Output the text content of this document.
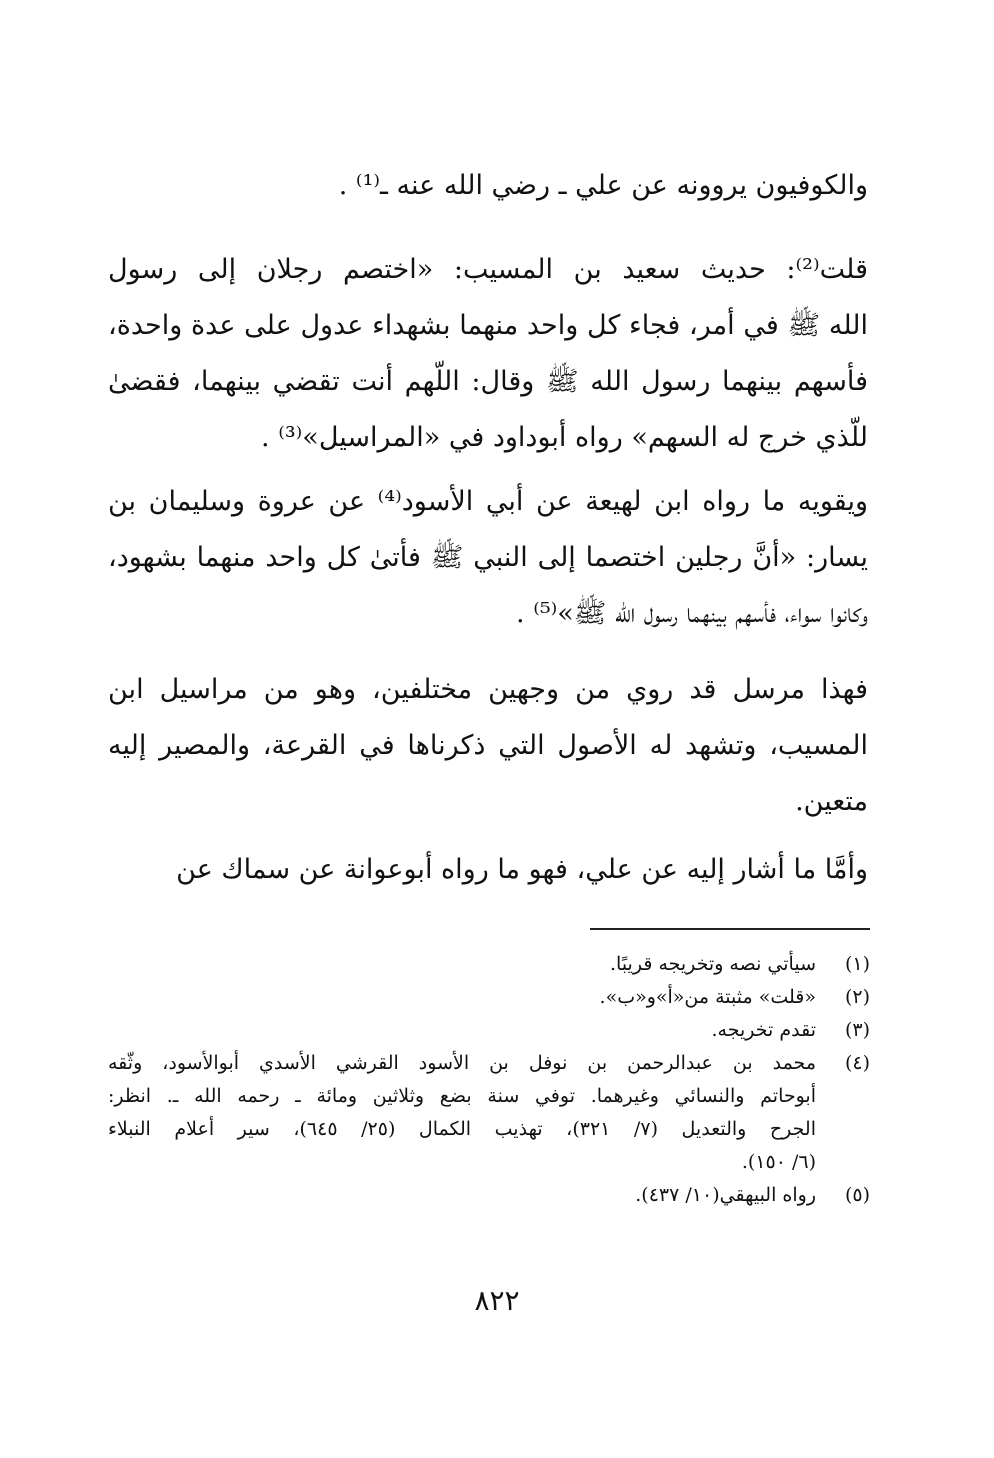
والكوفيون يروونه عن علي ـ رضي الله عنه ـ⁽¹⁾ .
قلت⁽²⁾: حديث سعيد بن المسيب: «اختصم رجلان إلى رسول
الله ﷺ في أمر، فجاء كل واحد منهما بشهداء عدول على عدة واحدة،
فأسهم بينهما رسول الله ﷺ وقال: اللّهم أنت تقضي بينهما، فقضىٰ
للّذي خرج له السهم» رواه أبوداود في «المراسيل»⁽³⁾ .
ويقويه ما رواه ابن لهيعة عن أبي الأسود⁽⁴⁾ عن عروة وسليمان بن
يسار: «أنَّ رجلين اختصما إلى النبي ﷺ فأتىٰ كل واحد منهما بشهود،
وكانوا سواء، فأسهم بينهما رسول الله ﷺ»⁽⁵⁾ .
فهذا مرسل قد روي من وجهين مختلفين، وهو من مراسيل ابن
المسيب، وتشهد له الأصول التي ذكرناها في القرعة، والمصير إليه
متعين.
وأمَّا ما أشار إليه عن علي، فهو ما رواه أبوعوانة عن سماك عن
(١)
سيأتي نصه وتخريجه قريبًا.
(٢)
«قلت» مثبتة من«أ»و«ب».
(٣)
تقدم تخريجه.
(٤)
محمد بن عبدالرحمن بن نوفل بن الأسود القرشي الأسدي أبوالأسود، وثّقه
أبوحاتم والنسائي وغيرهما. توفي سنة بضع وثلاثين ومائة ـ رحمه الله ـ. انظر:
الجرح والتعديل (٧/ ٣٢١)، تهذيب الكمال (٢٥/ ٦٤٥)، سير أعلام النبلاء
(٦/ ١٥٠).
(٥)
رواه البيهقي(١٠/ ٤٣٧).
٨٢٢
